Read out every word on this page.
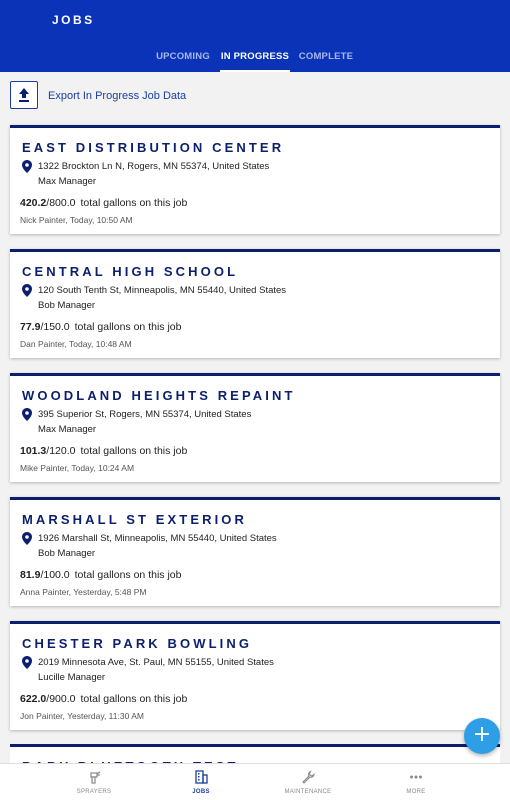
JOBS
UPCOMING	IN PROGRESS COMPLETE
Export In Progress Job Data
EAST DISTRIBUTION CENTER
1322 Brockton Ln N, Rogers, MN 55374, United States
Max Manager
420.2/800.0 total gallons on this job
Nick Painter, Today, 10:50 AM
CENTRAL HIGH SCHOOL
120 South Tenth St, Minneapolis, MN 55440, United States
Bob Manager
77.9/150.0 total gallons on this job
Dan Painter, Today, 10:48 AM
WOODLAND HEIGHTS REPAINT
395 Superior St, Rogers, MN 55374, United States
Max Manager
101.3/120.0 total gallons on this job
Mike Painter, Today, 10:24 AM
MARSHALL ST EXTERIOR
1926 Marshall St, Minneapolis, MN 55440, United States
Bob Manager
81.9/100.0 total gallons on this job
Anna Painter, Yesterday, 5:48 PM
CHESTER PARK BOWLING
2019 Minnesota Ave, St. Paul, MN 55155, United States
Lucille Manager
622.0/900.0 total gallons on this job
Jon Painter, Yesterday, 11:30 AM
+
SPRAYERS	JOBS	MAINTENANCE	MORE
